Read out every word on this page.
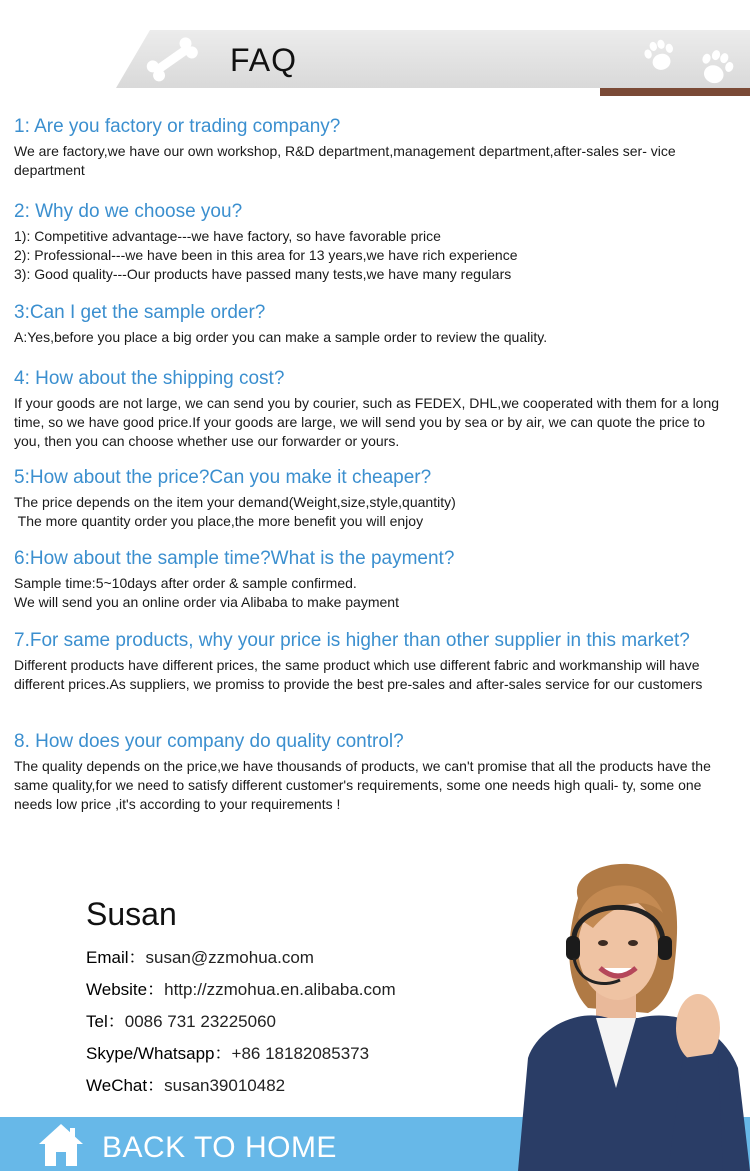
FAQ
1: Are you factory or trading company?
We are factory,we have our own workshop, R&D department,management department,after-sales ser- vice department
2: Why do we choose you?
1): Competitive advantage---we have factory, so have favorable price
2): Professional---we have been in this area for 13 years,we have rich experience
3): Good quality---Our products have passed many tests,we have many regulars
3:Can I get the sample order?
A:Yes,before you place a big order you can make a sample order to review the quality.
4: How about the shipping cost?
If your goods are not large, we can send you by courier, such as FEDEX, DHL,we cooperated with them for a long time, so we have good price.If your goods are large, we will send you by sea or by air, we can quote the price to you, then you can choose whether use our forwarder or yours.
5:How about the price?Can you make it cheaper?
The price depends on the item your demand(Weight,size,style,quantity)
The more quantity order you place,the more benefit you will enjoy
6:How about the sample time?What is the payment?
Sample time:5~10days after order & sample confirmed.
We will send you an online order via Alibaba to make payment
7.For same products, why your price is higher than other supplier in this market?
Different products have different prices, the same product which use different fabric and workmanship will have different prices.As suppliers, we promiss to provide the best pre-sales and after-sales service for our customers
8. How does your company do quality control?
The quality depends on the price,we have thousands of products, we can't promise that all the products have the same quality,for we need to satisfy different customer's requirements, some one needs high quali- ty, some one needs low price ,it's according to your requirements !
Susan
Email：susan@zzmohua.com
Website：http://zzmohua.en.alibaba.com
Tel：0086 731 23225060
Skype/Whatsapp：+86 18182085373
WeChat：susan39010482
BACK TO HOME
